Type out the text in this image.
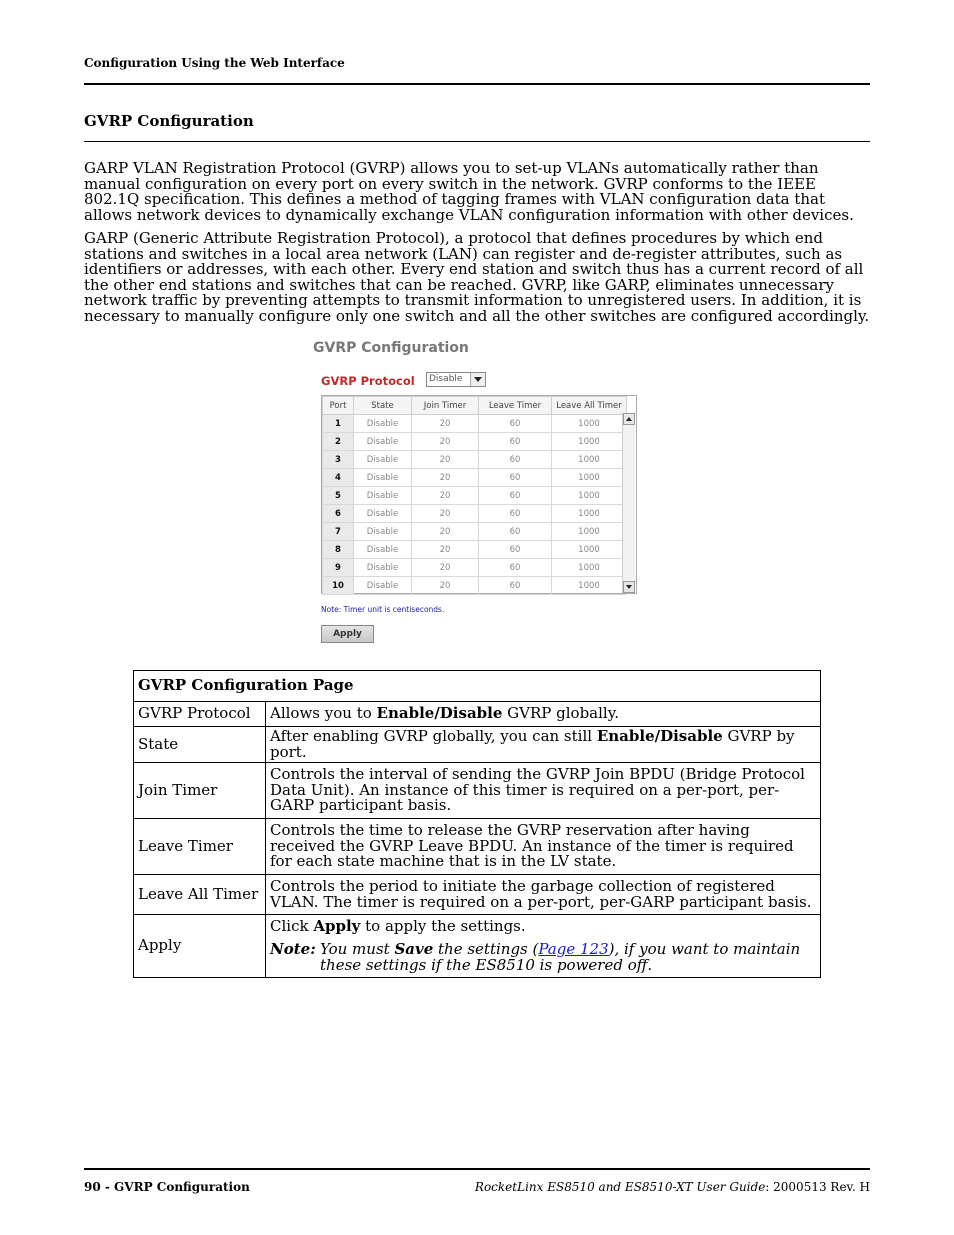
Configuration Using the Web Interface
GVRP Configuration

GARP VLAN Registration Protocol (GVRP) allows you to set-up VLANs automatically rather than manual configuration on every port on every switch in the network. GVRP conforms to the IEEE 802.1Q specification. This defines a method of tagging frames with VLAN configuration data that allows network devices to dynamically exchange VLAN configuration information with other devices.

GARP (Generic Attribute Registration Protocol), a protocol that defines procedures by which end stations and switches in a local area network (LAN) can register and de-register attributes, such as identifiers or addresses, with each other. Every end station and switch thus has a current record of all the other end stations and switches that can be reached. GVRP, like GARP, eliminates unnecessary network traffic by preventing attempts to transmit information to unregistered users. In addition, it is necessary to manually configure only one switch and all the other switches are configured accordingly.

GVRP Configuration
GVRP Protocol Disable
Port	State	Join Timer	Leave Timer	Leave All Timer
1	Disable	20	60	1000
2	Disable	20	60	1000
3	Disable	20	60	1000
4	Disable	20	60	1000
5	Disable	20	60	1000
6	Disable	20	60	1000
7	Disable	20	60	1000
8	Disable	20	60	1000
9	Disable	20	60	1000
10	Disable	20	60	1000
Note: Timer unit is centiseconds.
Apply
GVRP Configuration Page	
GVRP Protocol	Allows you to Enable/Disable GVRP globally.
State	After enabling GVRP globally, you can still Enable/Disable GVRP by port.
Join Timer	Controls the interval of sending the GVRP Join BPDU (Bridge Protocol Data Unit). An instance of this timer is required on a per-port, per-GARP participant basis.
Leave Timer	Controls the time to release the GVRP reservation after having received the GVRP Leave BPDU. An instance of the timer is required for each state machine that is in the LV state.
Leave All Timer	Controls the period to initiate the garbage collection of registered VLAN. The timer is required on a per-port, per-GARP participant basis.
Apply	Click Apply to apply the settings.
Note: You must Save the settings (Page 123), if you want to maintain these settings if the ES8510 is powered off.
90 - GVRP Configuration	RocketLinx ES8510 and ES8510-XT User Guide: 2000513 Rev. H
